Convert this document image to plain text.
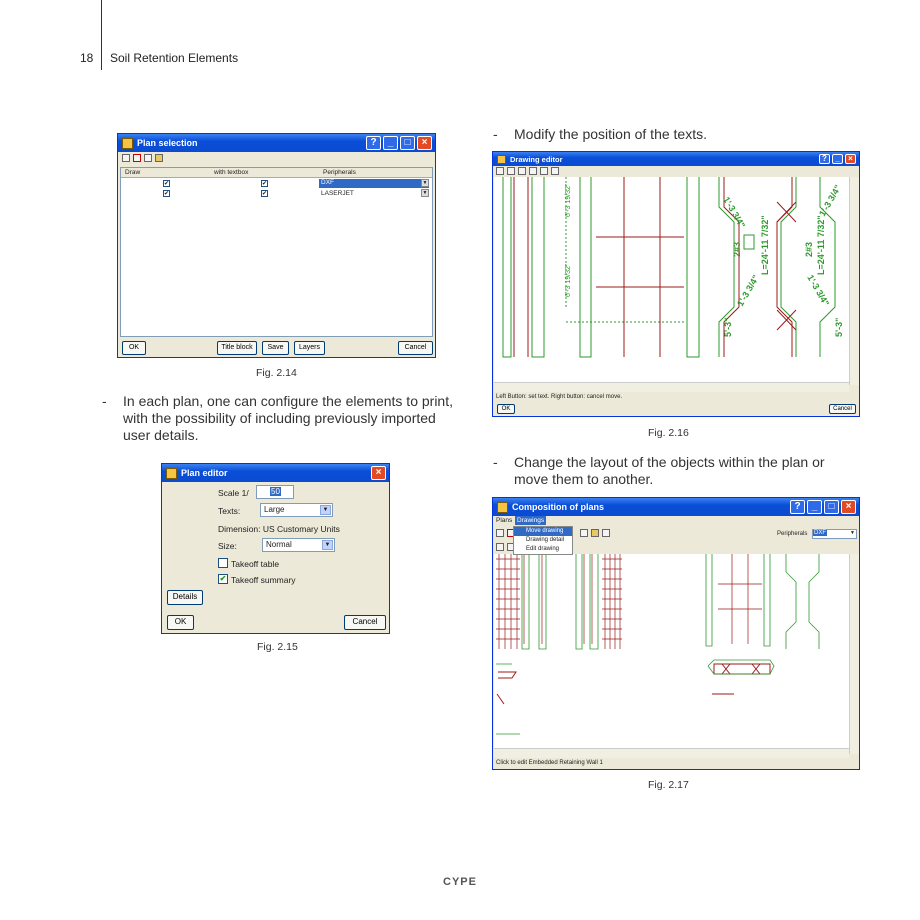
18 Soil Retention Elements
Plan selection	?	_	□	×
Draw	with textbox	Peripherals
✔	✔	DXF	▼
✔	✔	LASERJET	▼
OK	Title block	Save	Layers	Cancel
Fig. 2.14
- In each plan, one can configure the elements to print,
with the possibility of including previously imported
user details.
Plan editor	×
Scale 1/	50
Texts:	Large	▼
Dimension: US Customary Units
Size:	Normal	▼
Takeoff table
✔ Takeoff summary
Details
OK	Cancel
Fig. 2.15
- Modify the position of the texts.
Drawing editor	?	_	×
6'-3 19/32"
6'-3 19/32"
1'-3 3/4"	1'-3 3/4"
1'-3 3/4"	1'-3 3/4"
2#3	2#3
L=24'-11 7/32"	L=24'-11 7/32"
5'-3"	5'-3"
Left Button: set text. Right button: cancel move.
OK	Cancel
Fig. 2.16
- Change the layout of the objects within the plan or
move them to another.
Composition of plans	?	_	□	×
Plans Drawings
Peripherals	DXF	▼
Move drawing
Drawing detail
Edit drawing
Click to edit Embedded Retaining Wall 1
Fig. 2.17
CYPE
